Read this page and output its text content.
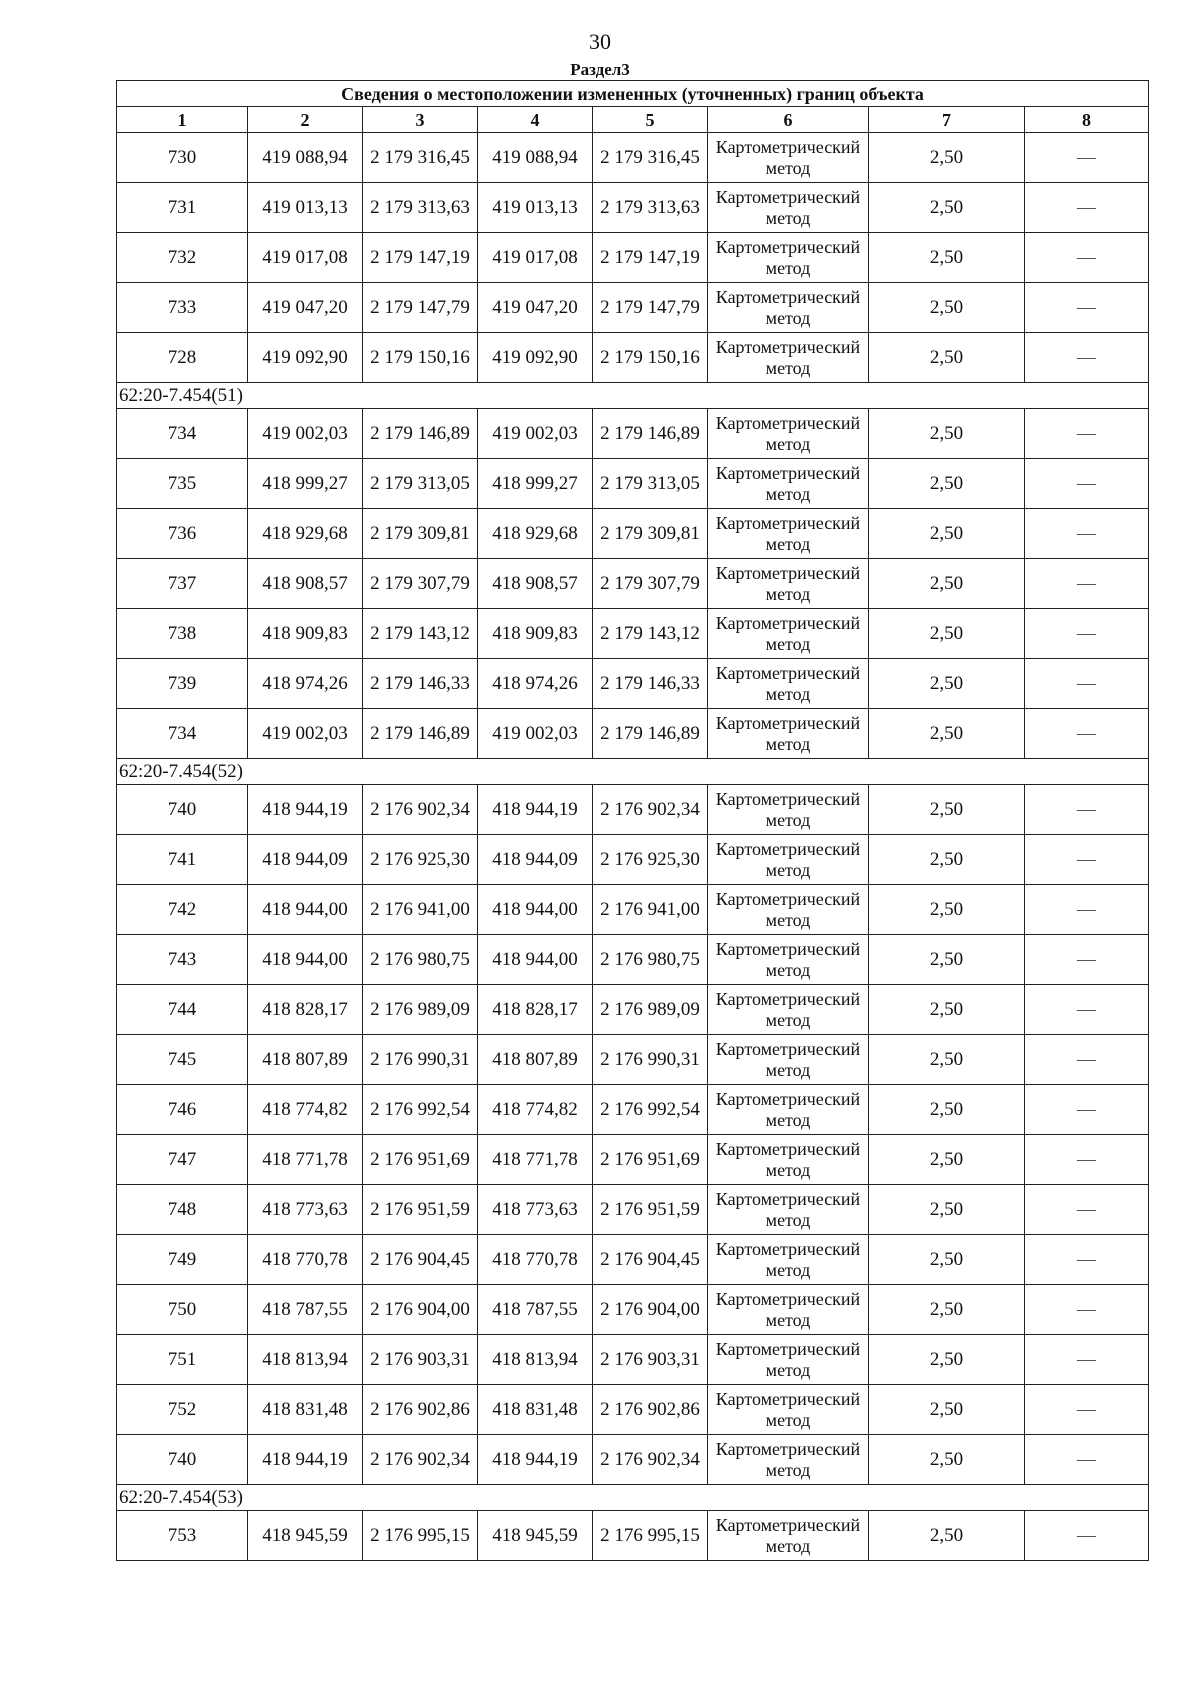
30
Раздел3
Сведения о местоположении измененных (уточненных) границ объекта							
1	2	3	4	5	6	7	8
730	419 088,94	2 179 316,45	419 088,94	2 179 316,45	Картометрический метод	2,50	—
731	419 013,13	2 179 313,63	419 013,13	2 179 313,63	Картометрический метод	2,50	—
732	419 017,08	2 179 147,19	419 017,08	2 179 147,19	Картометрический метод	2,50	—
733	419 047,20	2 179 147,79	419 047,20	2 179 147,79	Картометрический метод	2,50	—
728	419 092,90	2 179 150,16	419 092,90	2 179 150,16	Картометрический метод	2,50	—
62:20-7.454(51)							
734	419 002,03	2 179 146,89	419 002,03	2 179 146,89	Картометрический метод	2,50	—
735	418 999,27	2 179 313,05	418 999,27	2 179 313,05	Картометрический метод	2,50	—
736	418 929,68	2 179 309,81	418 929,68	2 179 309,81	Картометрический метод	2,50	—
737	418 908,57	2 179 307,79	418 908,57	2 179 307,79	Картометрический метод	2,50	—
738	418 909,83	2 179 143,12	418 909,83	2 179 143,12	Картометрический метод	2,50	—
739	418 974,26	2 179 146,33	418 974,26	2 179 146,33	Картометрический метод	2,50	—
734	419 002,03	2 179 146,89	419 002,03	2 179 146,89	Картометрический метод	2,50	—
62:20-7.454(52)							
740	418 944,19	2 176 902,34	418 944,19	2 176 902,34	Картометрический метод	2,50	—
741	418 944,09	2 176 925,30	418 944,09	2 176 925,30	Картометрический метод	2,50	—
742	418 944,00	2 176 941,00	418 944,00	2 176 941,00	Картометрический метод	2,50	—
743	418 944,00	2 176 980,75	418 944,00	2 176 980,75	Картометрический метод	2,50	—
744	418 828,17	2 176 989,09	418 828,17	2 176 989,09	Картометрический метод	2,50	—
745	418 807,89	2 176 990,31	418 807,89	2 176 990,31	Картометрический метод	2,50	—
746	418 774,82	2 176 992,54	418 774,82	2 176 992,54	Картометрический метод	2,50	—
747	418 771,78	2 176 951,69	418 771,78	2 176 951,69	Картометрический метод	2,50	—
748	418 773,63	2 176 951,59	418 773,63	2 176 951,59	Картометрический метод	2,50	—
749	418 770,78	2 176 904,45	418 770,78	2 176 904,45	Картометрический метод	2,50	—
750	418 787,55	2 176 904,00	418 787,55	2 176 904,00	Картометрический метод	2,50	—
751	418 813,94	2 176 903,31	418 813,94	2 176 903,31	Картометрический метод	2,50	—
752	418 831,48	2 176 902,86	418 831,48	2 176 902,86	Картометрический метод	2,50	—
740	418 944,19	2 176 902,34	418 944,19	2 176 902,34	Картометрический метод	2,50	—
62:20-7.454(53)							
753	418 945,59	2 176 995,15	418 945,59	2 176 995,15	Картометрический метод	2,50	—
